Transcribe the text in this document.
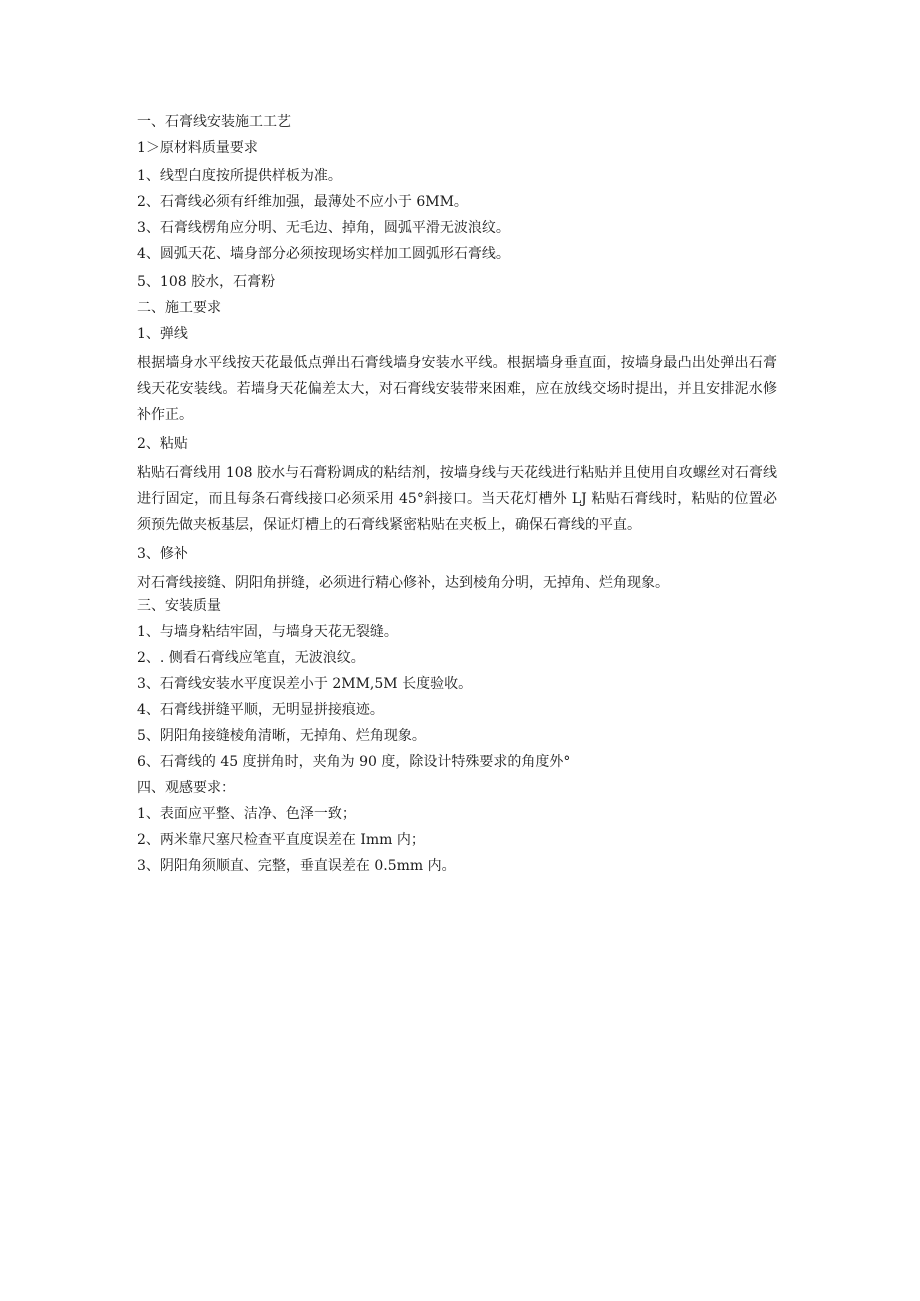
一、石膏线安装施工工艺

1＞原材料质量要求

1、线型白度按所提供样板为准。

2、石膏线必须有纤维加强，最薄处不应小于 6MM。

3、石膏线楞角应分明、无毛边、掉角，圆弧平滑无波浪纹。

4、圆弧天花、墙身部分必须按现场实样加工圆弧形石膏线。

5、108 胶水，石膏粉

二、施工要求

1、弹线

根据墙身水平线按天花最低点弹出石膏线墙身安装水平线。根据墙身垂直面，按墙身最凸出处弹出石膏线天花安装线。若墙身天花偏差太大，对石膏线安装带来困难，应在放线交场时提出，并且安排泥水修补作正。

2、粘贴

粘贴石膏线用 108 胶水与石膏粉调成的粘结剂，按墙身线与天花线进行粘贴并且使用自攻螺丝对石膏线进行固定，而且每条石膏线接口必须采用 45°斜接口。当天花灯槽外 LJ 粘贴石膏线时，粘贴的位置必须预先做夹板基层，保证灯槽上的石膏线紧密粘贴在夹板上，确保石膏线的平直。

3、修补

对石膏线接缝、阴阳角拼缝，必须进行精心修补，达到棱角分明，无掉角、烂角现象。

三、安装质量

1、与墙身粘结牢固，与墙身天花无裂缝。

2、. 侧看石膏线应笔直，无波浪纹。

3、石膏线安装水平度误差小于 2MM,5M 长度验收。

4、石膏线拼缝平顺，无明显拼接痕迹。

5、阴阳角接缝棱角清晰，无掉角、烂角现象。

6、石膏线的 45 度拼角时，夹角为 90 度，除设计特殊要求的角度外°

四、观感要求：

1、表面应平整、洁净、色泽一致；

2、两米靠尺塞尺检查平直度误差在 Imm 内；

3、阴阳角须顺直、完整，垂直误差在 0.5mm 内。
